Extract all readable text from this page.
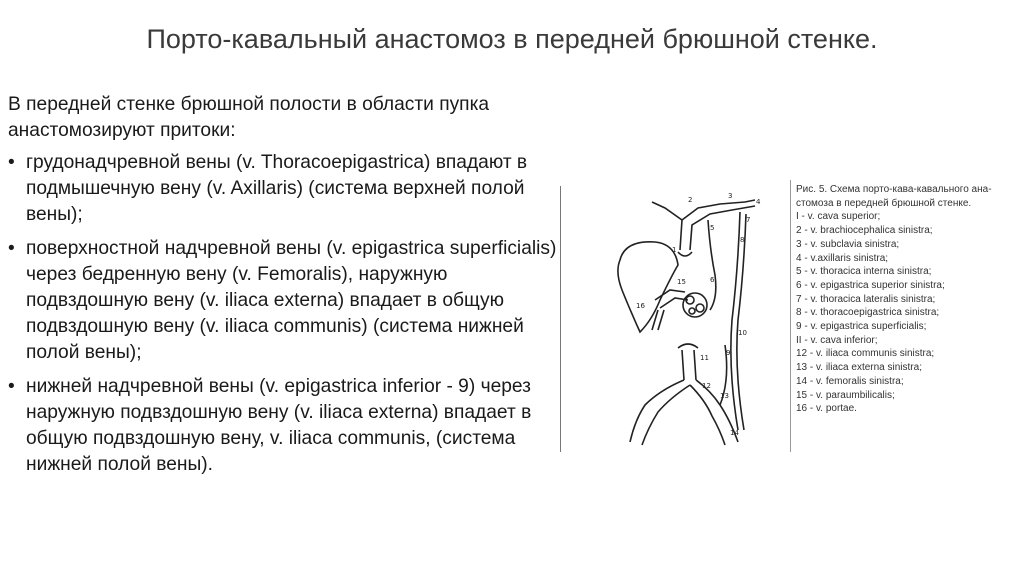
Порто-кавальный анастомоз в передней брюшной стенке.

В передней стенке брюшной полости в области пупка анастомозируют притоки:

• грудонадчревной вены (v. Thoracoepigastrica) впадают в подмышечную вену (v. Axillaris) (система верхней полой вены);
• поверхностной надчревной вены (v. epigastrica superficialis) через бедренную вену (v. Femoralis), наружную подвздошную вену (v. iliaca externa) впадает в общую подвздошную вену (v. iliaca communis) (система нижней полой вены);
• нижней надчревной вены (v. epigastrica inferior - 9) через наружную подвздошную вену (v. iliaca externa) впадает в общую подвздошную вену, v. iliaca communis, (система нижней полой вены).
1
2	3
4
5
6
7
8
9
10
11
12
13
14
15
16
Рис. 5. Схема порто-кава-кавального ана-
стомоза в передней брюшной стенке.
I - v. cava superior;
2 - v. brachiocephalica sinistra;
3 - v. subclavia sinistra;
4 - v.axillaris sinistra;
5 - v. thoracica interna sinistra;
6 - v. epigastrica superior sinistra;
7 - v. thoracica lateralis sinistra;
8 - v. thoracoepigastrica sinistra;
9 - v. epigastrica superficialis;
II - v. cava inferior;
12 - v. iliaca communis sinistra;
13 - v. iliaca externa sinistra;
14 - v. femoralis sinistra;
15 - v. paraumbilicalis;
16 - v. portae.
